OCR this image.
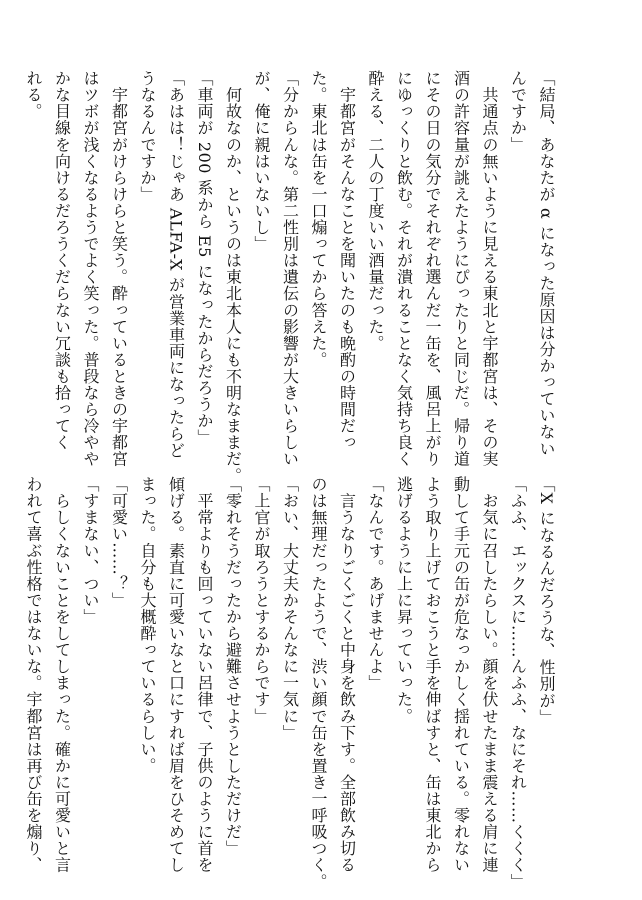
「結局、あなたが α になった原因は分かっていない
んですか」
　共通点の無いように見える東北と宇都宮は、その実
酒の許容量が誂えたようにぴったりと同じだ。帰り道
にその日の気分でそれぞれ選んだ一缶を、風呂上がり
にゆっくりと飲む。それが潰れることなく気持ち良く
酔える、二人の丁度いい酒量だった。
　宇都宮がそんなことを聞いたのも晩酌の時間だっ
た。東北は缶を一口煽ってから答えた。
「分からんな。第二性別は遺伝の影響が大きいらしい
が、俺に親はいないし」
　何故なのか、というのは東北本人にも不明なままだ。
「車両が 200 系から E5 になったからだろうか」
「あはは！じゃあ ALFA-X が営業車両になったらど
うなるんですか」
　宇都宮がけらけらと笑う。酔っているときの宇都宮
はツボが浅くなるようでよく笑った。普段なら冷やや
かな目線を向けるだろうくだらない冗談も拾ってく
れる。
「X になるんだろうな、性別が」
「ふふ、エックスに……んふふ、なにそれ……くくく」
　お気に召したらしい。顔を伏せたまま震える肩に連
動して手元の缶が危なっかしく揺れている。零れない
よう取り上げておこうと手を伸ばすと、缶は東北から
逃げるように上に昇っていった。
「なんです。あげませんよ」
　言うなりごくごくと中身を飲み下す。全部飲み切る
のは無理だったようで、渋い顔で缶を置き一呼吸つく。
「おい、大丈夫かそんなに一気に」
「上官が取ろうとするからです」
「零れそうだったから避難させようとしただけだ」
　平常よりも回っていない呂律で、子供のように首を
傾げる。素直に可愛いなと口にすれば眉をひそめてし
まった。自分も大概酔っているらしい。
「可愛い……？」
「すまない、つい」
　らしくないことをしてしまった。確かに可愛いと言
われて喜ぶ性格ではないな。宇都宮は再び缶を煽り、
